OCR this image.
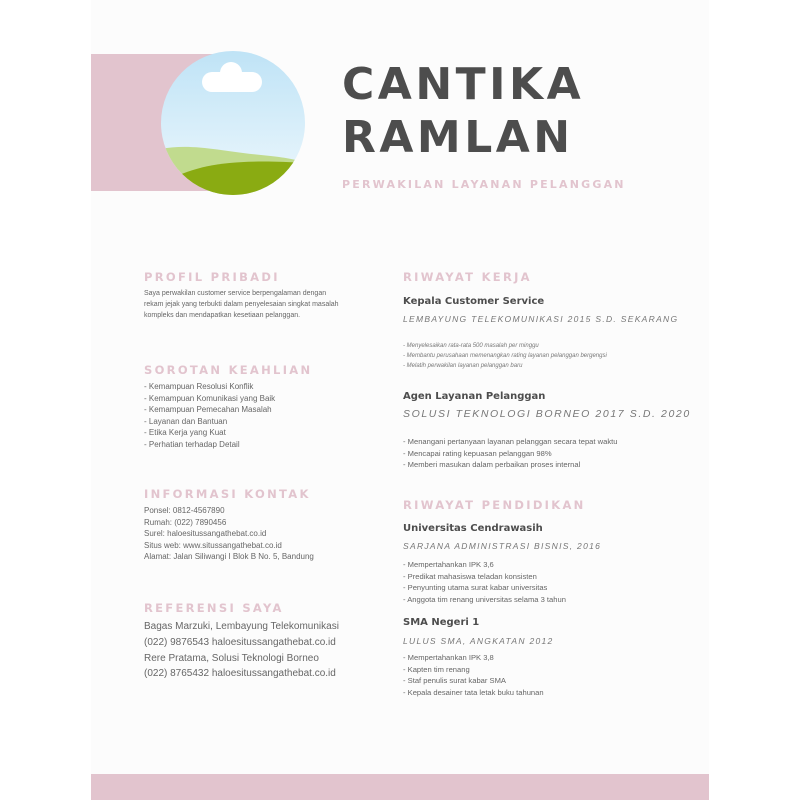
CANTIKA
RAMLAN
PERWAKILAN LAYANAN PELANGGAN
PROFIL PRIBADI
Saya perwakilan customer service berpengalaman dengan
rekam jejak yang terbukti dalam penyelesaian singkat masalah
kompleks dan mendapatkan kesetiaan pelanggan.
SOROTAN KEAHLIAN
- Kemampuan Resolusi Konflik
- Kemampuan Komunikasi yang Baik
- Kemampuan Pemecahan Masalah
- Layanan dan Bantuan
- Etika Kerja yang Kuat
- Perhatian terhadap Detail
INFORMASI KONTAK
Ponsel: 0812-4567890
Rumah: (022) 7890456
Surel: haloesitussangathebat.co.id
Situs web: www.situssangathebat.co.id
Alamat: Jalan Siliwangi I Blok B No. 5, Bandung
REFERENSI SAYA
Bagas Marzuki, Lembayung Telekomunikasi
(022) 9876543 haloesitussangathebat.co.id
Rere Pratama, Solusi Teknologi Borneo
(022) 8765432 haloesitussangathebat.co.id
RIWAYAT KERJA
Kepala Customer Service
LEMBAYUNG TELEKOMUNIKASI 2015 S.D. SEKARANG
- Menyelesaikan rata-rata 500 masalah per minggu
- Membantu perusahaan memenangkan rating layanan pelanggan bergengsi
- Melatih perwakilan layanan pelanggan baru
Agen Layanan Pelanggan
SOLUSI TEKNOLOGI BORNEO 2017 S.D. 2020
- Menangani pertanyaan layanan pelanggan secara tepat waktu
- Mencapai rating kepuasan pelanggan 98%
- Memberi masukan dalam perbaikan proses internal
RIWAYAT PENDIDIKAN
Universitas Cendrawasih
SARJANA ADMINISTRASI BISNIS, 2016
- Mempertahankan IPK 3,6
- Predikat mahasiswa teladan konsisten
- Penyunting utama surat kabar universitas
- Anggota tim renang universitas selama 3 tahun
SMA Negeri 1
LULUS SMA, ANGKATAN 2012
- Mempertahankan IPK 3,8
- Kapten tim renang
- Staf penulis surat kabar SMA
- Kepala desainer tata letak buku tahunan
